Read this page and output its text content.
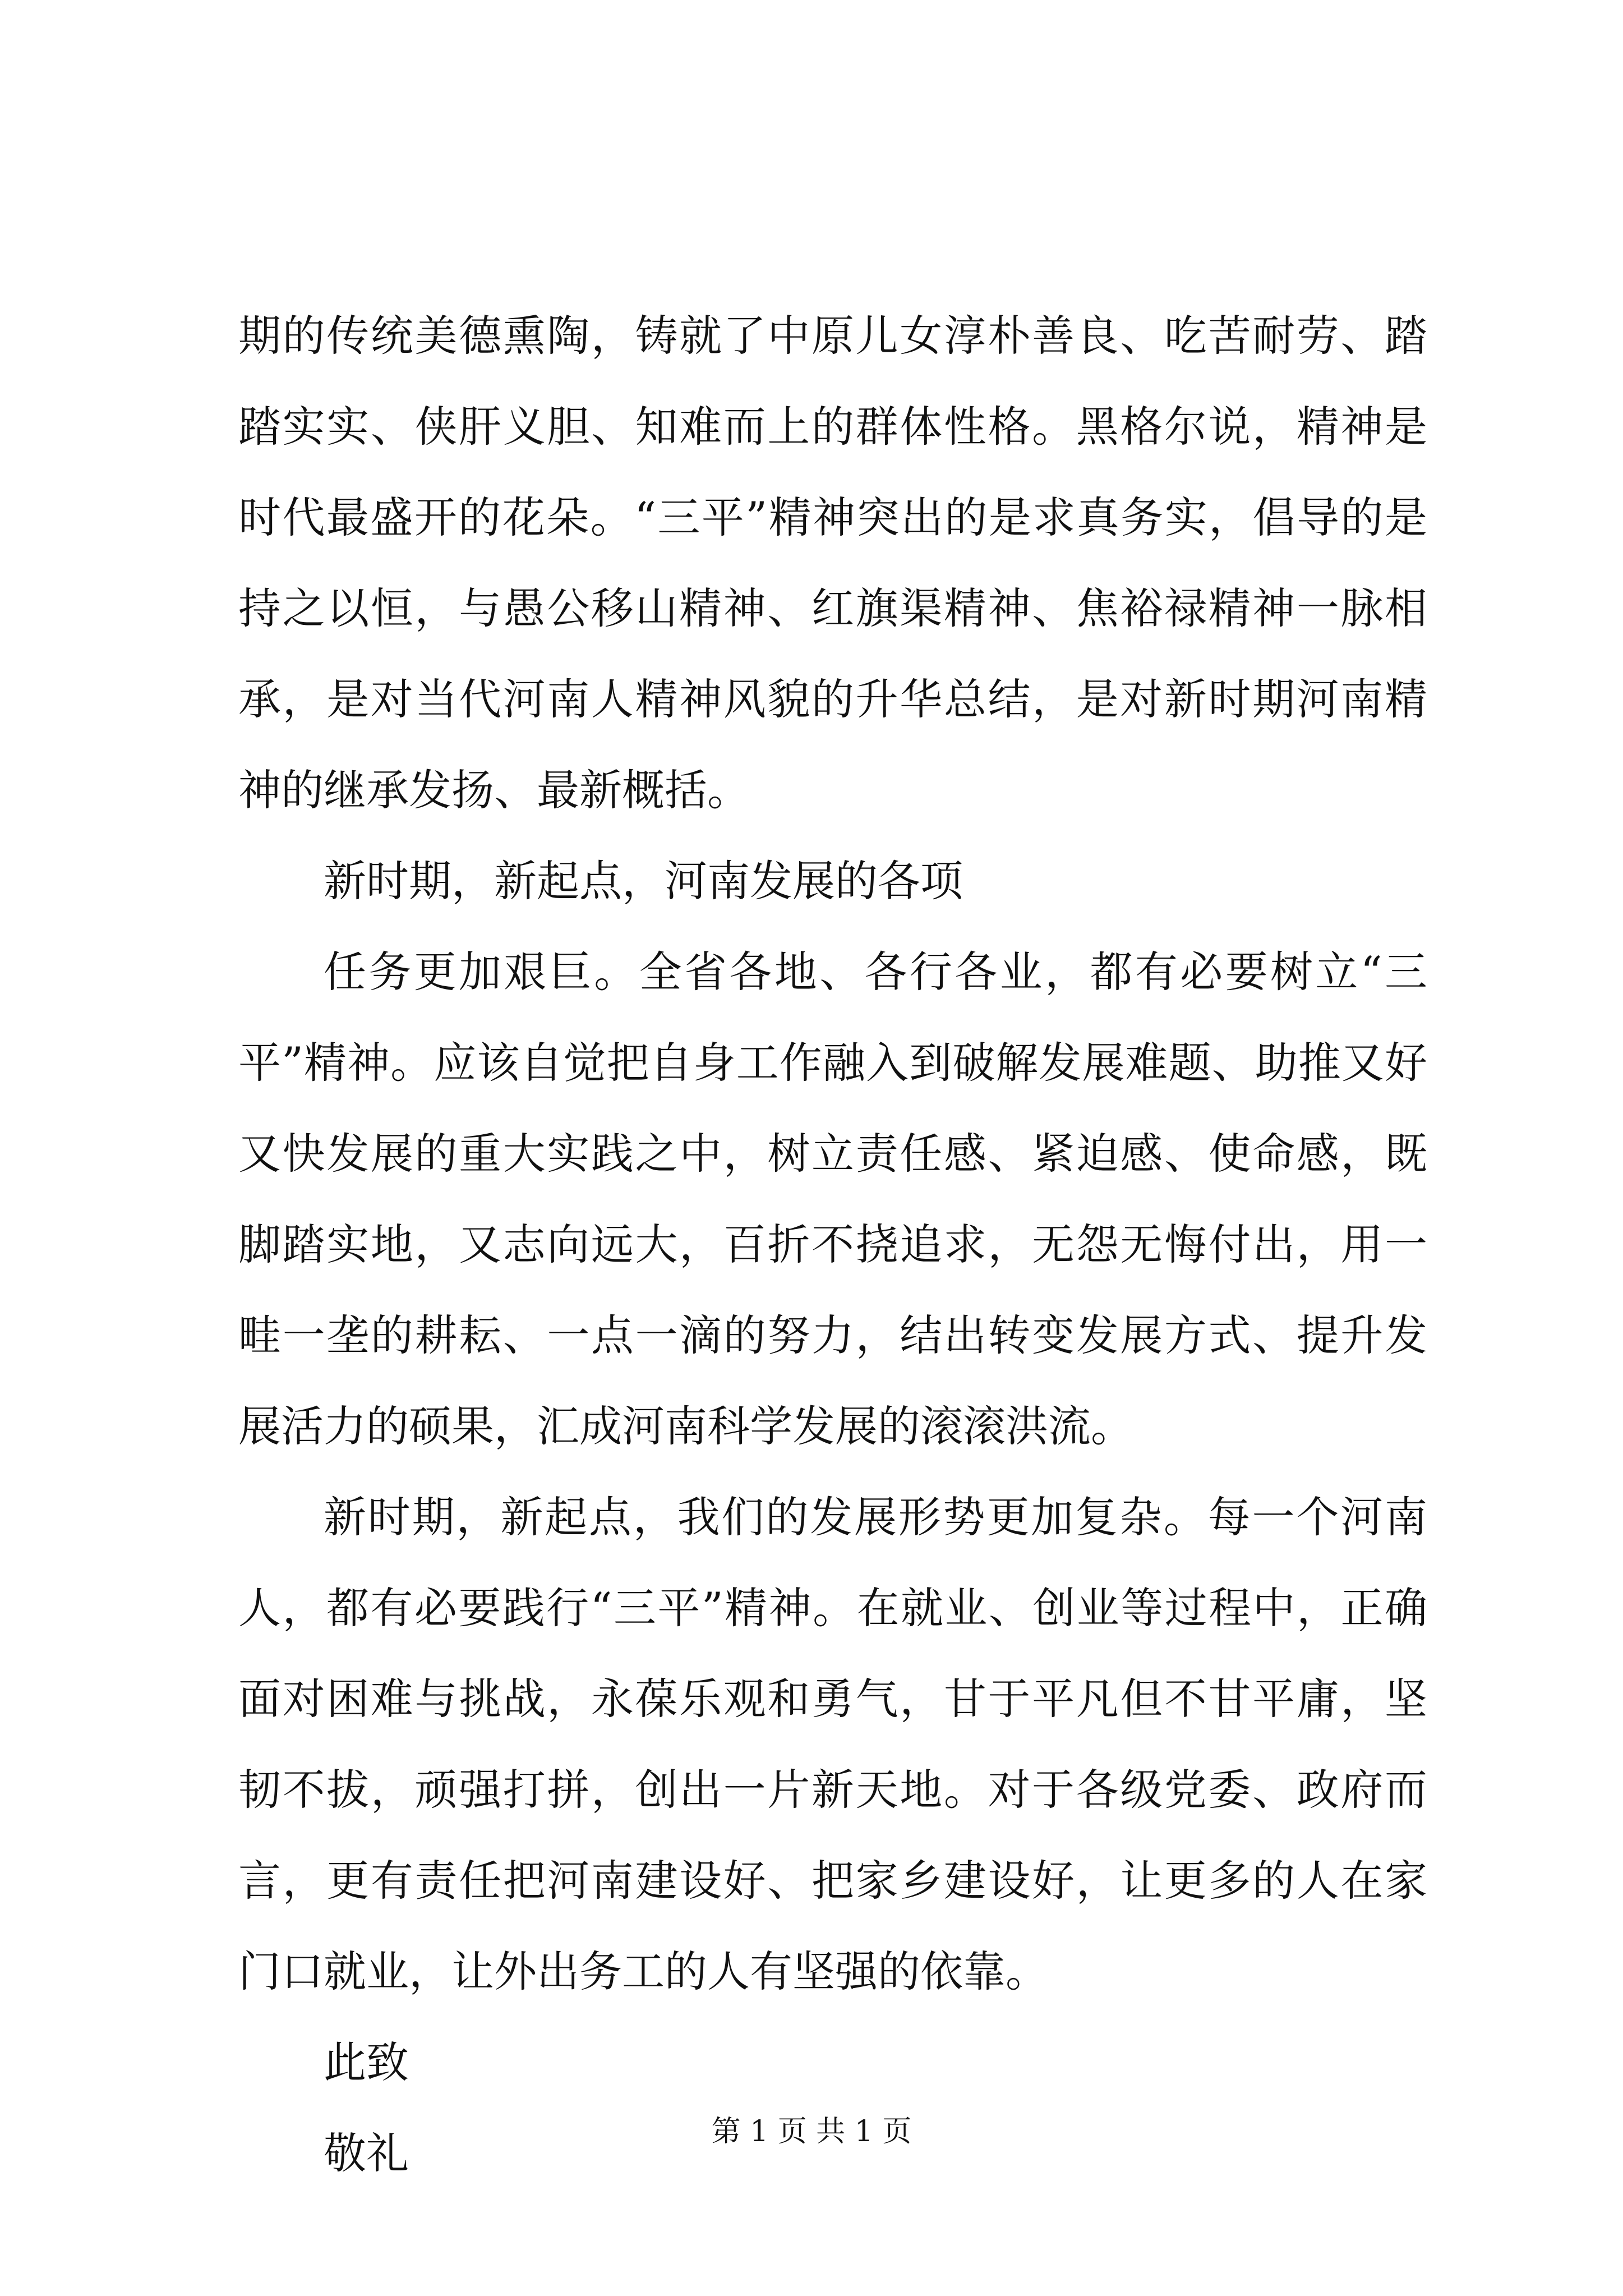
期的传统美德熏陶，铸就了中原儿女淳朴善良、吃苦耐劳、踏踏实实、侠肝义胆、知难而上的群体性格。黑格尔说，精神是时代最盛开的花朵。“三平”精神突出的是求真务实，倡导的是持之以恒，与愚公移山精神、红旗渠精神、焦裕禄精神一脉相承，是对当代河南人精神风貌的升华总结，是对新时期河南精神的继承发扬、最新概括。

新时期，新起点，河南发展的各项

任务更加艰巨。全省各地、各行各业，都有必要树立“三平”精神。应该自觉把自身工作融入到破解发展难题、助推又好又快发展的重大实践之中，树立责任感、紧迫感、使命感，既脚踏实地，又志向远大，百折不挠追求，无怨无悔付出，用一畦一垄的耕耘、一点一滴的努力，结出转变发展方式、提升发展活力的硕果，汇成河南科学发展的滚滚洪流。

新时期，新起点，我们的发展形势更加复杂。每一个河南人，都有必要践行“三平”精神。在就业、创业等过程中，正确面对困难与挑战，永葆乐观和勇气，甘于平凡但不甘平庸，坚韧不拔，顽强打拼，创出一片新天地。对于各级党委、政府而言，更有责任把河南建设好、把家乡建设好，让更多的人在家门口就业，让外出务工的人有坚强的依靠。

此致

敬礼	第 1 页 共 1 页
